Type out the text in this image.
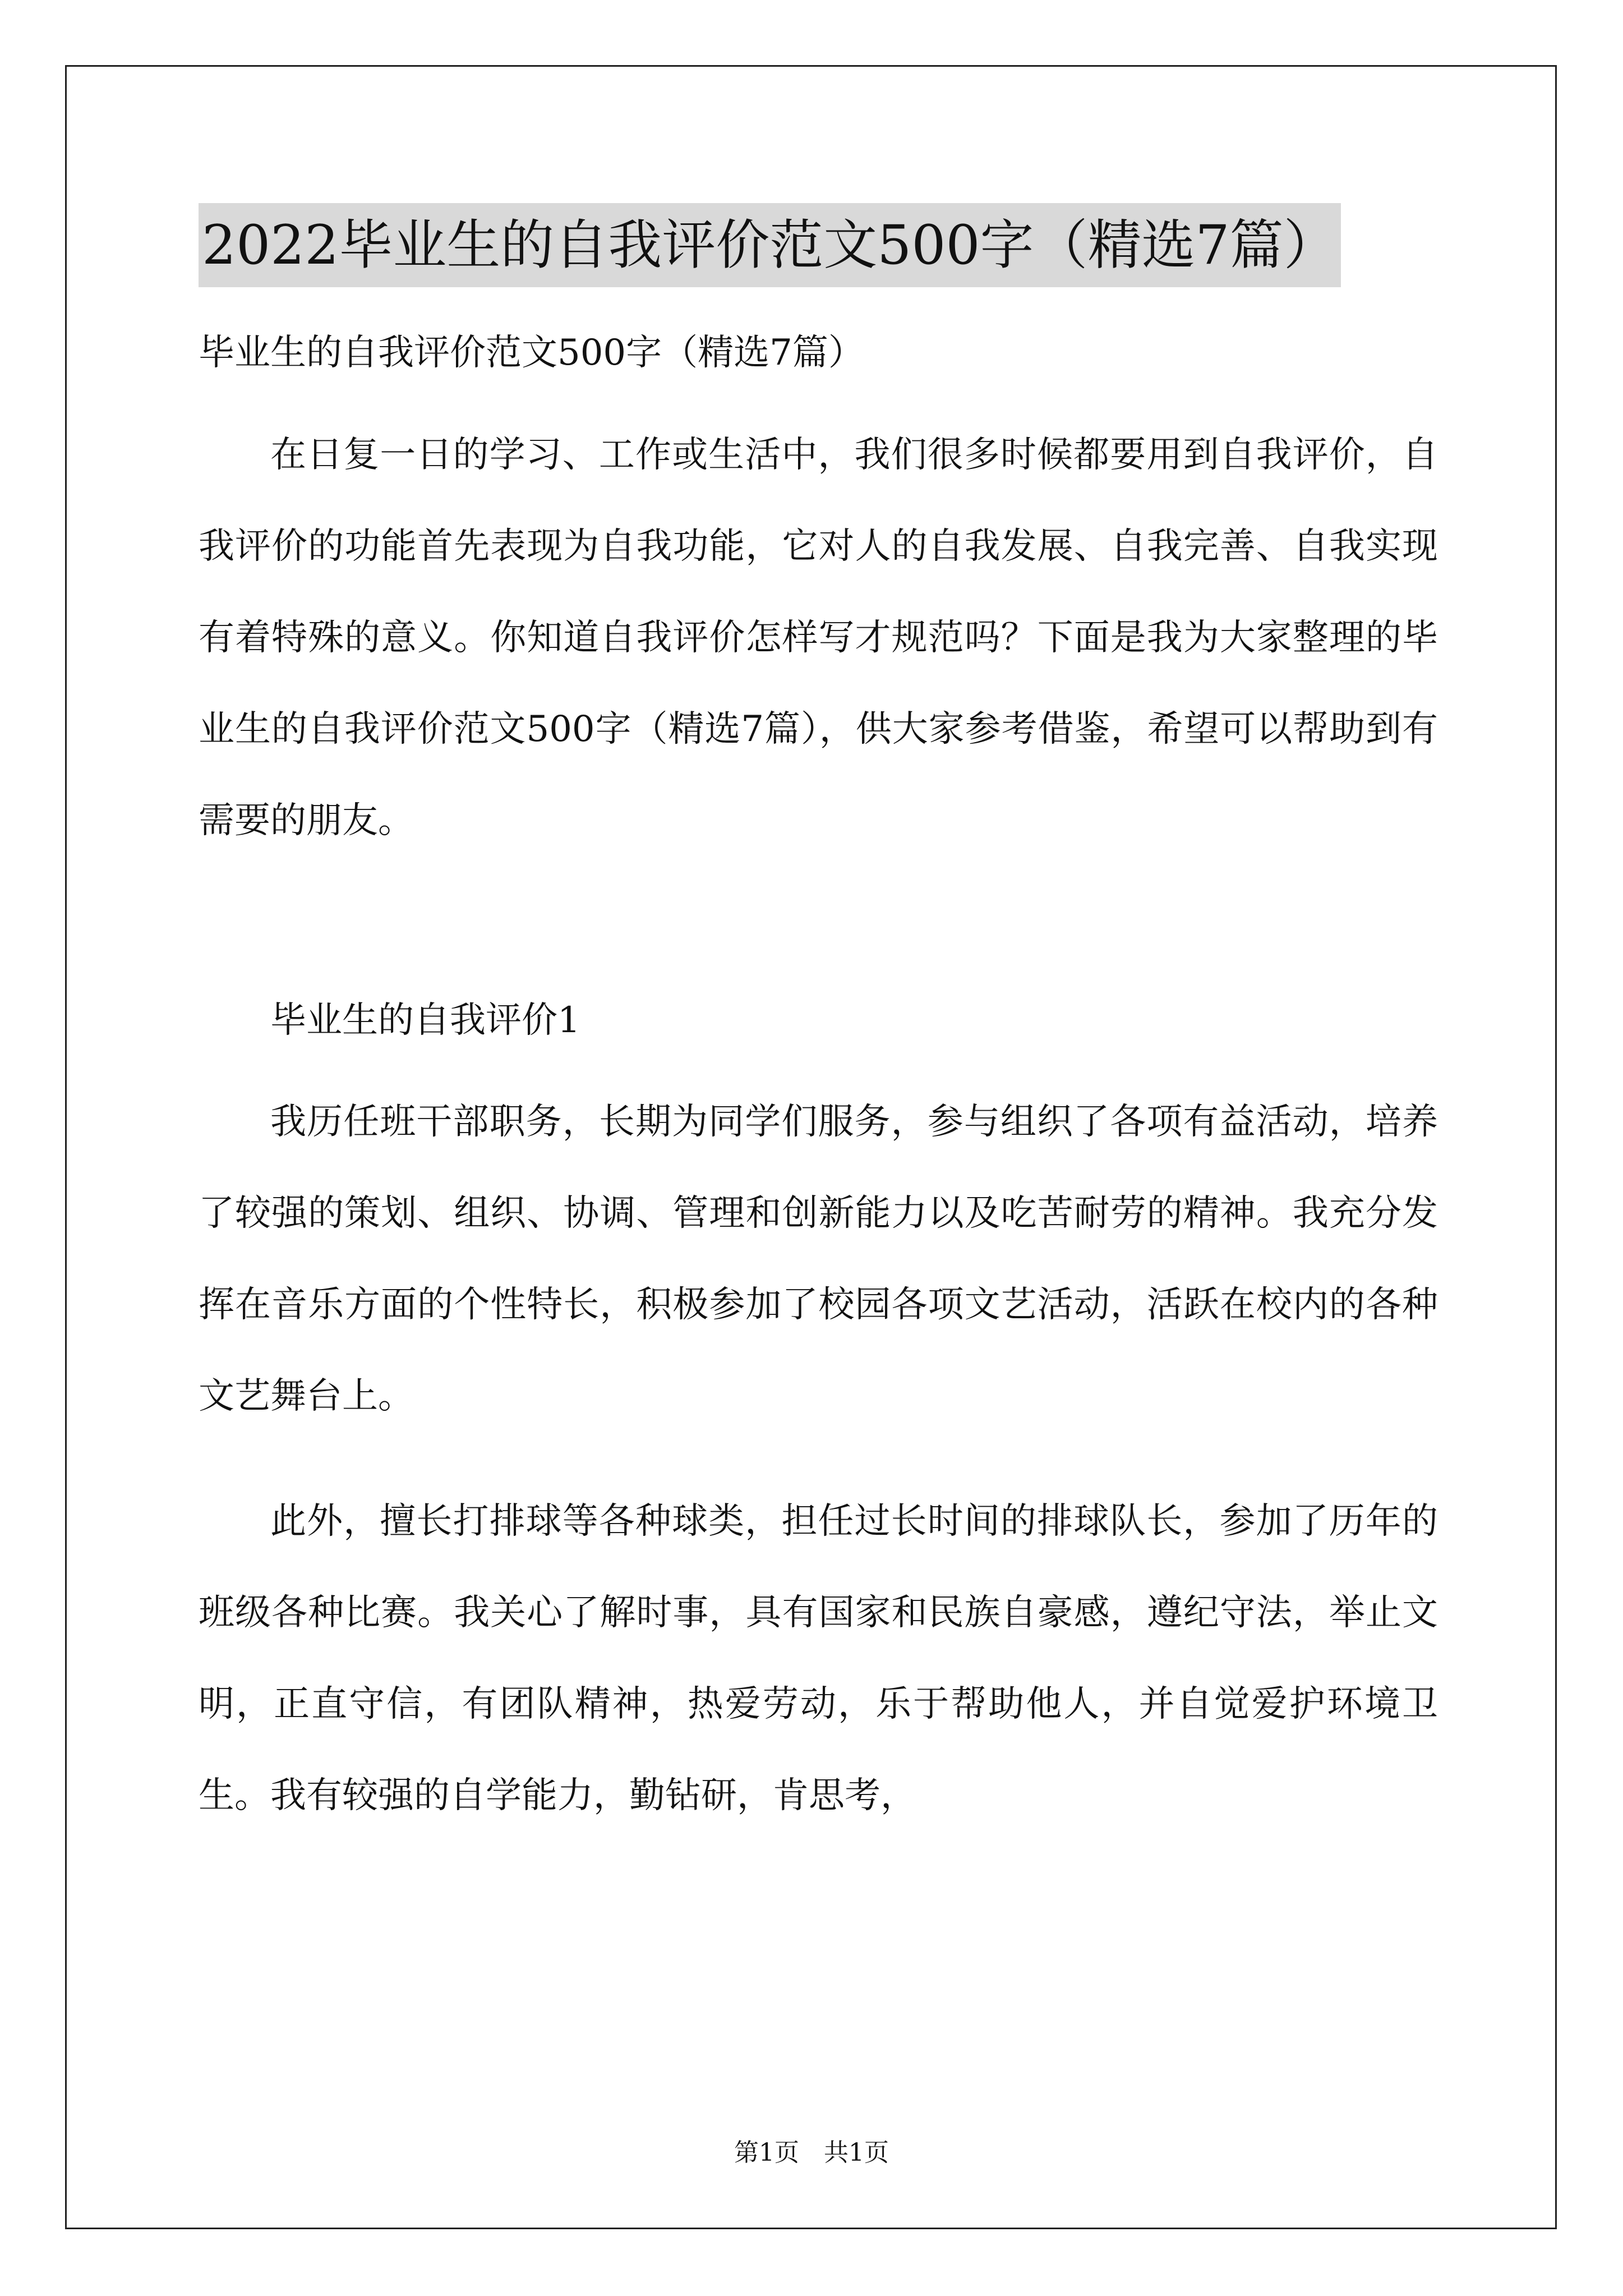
2022毕业生的自我评价范文500字（精选7篇）

毕业生的自我评价范文500字（精选7篇）

在日复一日的学习、工作或生活中，我们很多时候都要用到自我评价，自我评价的功能首先表现为自我功能，它对人的自我发展、自我完善、自我实现有着特殊的意义。你知道自我评价怎样写才规范吗？下面是我为大家整理的毕业生的自我评价范文500字（精选7篇），供大家参考借鉴，希望可以帮助到有需要的朋友。

毕业生的自我评价1

我历任班干部职务，长期为同学们服务，参与组织了各项有益活动，培养了较强的策划、组织、协调、管理和创新能力以及吃苦耐劳的精神。我充分发挥在音乐方面的个性特长，积极参加了校园各项文艺活动，活跃在校内的各种文艺舞台上。

此外，擅长打排球等各种球类，担任过长时间的排球队长，参加了历年的班级各种比赛。我关心了解时事，具有国家和民族自豪感，遵纪守法，举止文明，正直守信，有团队精神，热爱劳动，乐于帮助他人，并自觉爱护环境卫生。我有较强的自学能力，勤钻研，肯思考，

第1页　共1页
